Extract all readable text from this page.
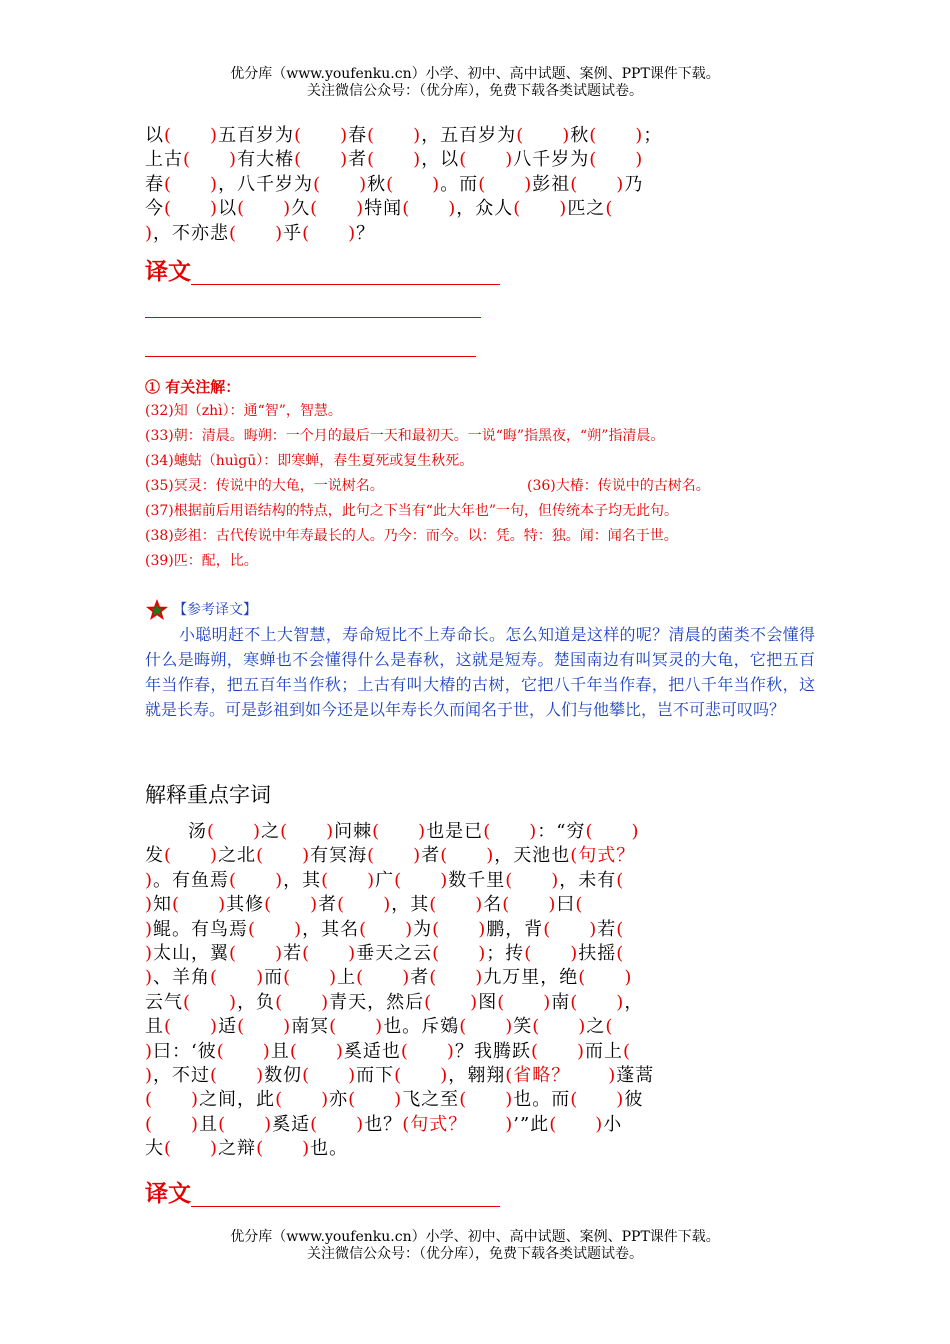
优分库（www.youfenku.cn）小学、初中、高中试题、案例、PPT课件下载。
关注微信公众号：（优分库），免费下载各类试题试卷。
以(　　 )五百岁为(　　 )春(　　 )，五百岁为(　　 )秋(　　 )；
上古(　　 )有大椿(　　 )者(　　 )，以(　　 )八千岁为(　　 )
春(　　 )，八千岁为(　　 )秋(　　 )。而(　　 )彭祖(　　 )乃
今(　　 )以(　　 )久(　　 )特闻(　　 )，众人(　　 )匹之(
)，不亦悲(　　 )乎(　　 )？
译文
① 有关注解：
(32)知（zhì）：通“智”，智慧。
(33)朝：清晨。晦朔：一个月的最后一天和最初天。一说“晦”指黑夜，“朔”指清晨。
(34)蟪蛄（huìgū）：即寒蝉，春生夏死或复生秋死。
(35)冥灵：传说中的大龟，一说树名。	(36)大椿：传说中的古树名。
(37)根据前后用语结构的特点，此句之下当有“此大年也”一句，但传统本子均无此句。
(38)彭祖：古代传说中年寿最长的人。乃今：而今。以：凭。特：独。闻：闻名于世。
(39)匹：配，比。
【参考译文】
小聪明赶不上大智慧，寿命短比不上寿命长。怎么知道是这样的呢？清晨的菌类不会懂得什么是晦朔，寒蝉也不会懂得什么是春秋，这就是短寿。楚国南边有叫冥灵的大龟，它把五百年当作春，把五百年当作秋；上古有叫大椿的古树，它把八千年当作春，把八千年当作秋，这就是长寿。可是彭祖到如今还是以年寿长久而闻名于世，人们与他攀比，岂不可悲可叹吗？
解释重点字词
汤(　　 )之(　　 )问棘(　　 )也是已(　　 )：“穷(　　 )
发(　　 )之北(　　 )有冥海(　　 )者(　　 )，天池也(句式？
)。有鱼焉(　　 )，其(　　 )广(　　 )数千里(　　 )，未有(
)知(　　 )其修(　　 )者(　　 )，其(　　 )名(　　 )曰(
)鲲。有鸟焉(　　 )，其名(　　 )为(　　 )鹏，背(　　 )若(
)太山，翼(　　 )若(　　 )垂天之云(　　 )；抟(　　 )扶摇(
)、羊角(　　 )而(　　 )上(　　 )者(　　 )九万里，绝(　　 )
云气(　　 )，负(　　 )青天，然后(　　 )图(　　 )南(　　 )，
且(　　 )适(　　 )南冥(　　 )也。斥鴳(　　 )笑(　　 )之(
)曰：‘彼(　　 )且(　　 )奚适也(　　 )？我腾跃(　　 )而上(
)，不过(　　 )数仞(　　 )而下(　　 )，翱翔(省略？　　 )蓬蒿
(　　 )之间，此(　　 )亦(　　 )飞之至(　　 )也。而(　　 )彼
(　　 )且(　　 )奚适(　　 )也？(句式？　　 )’”此(　　 )小
大(　　 )之辩(　　 )也。
译文
优分库（www.youfenku.cn）小学、初中、高中试题、案例、PPT课件下载。
关注微信公众号：（优分库），免费下载各类试题试卷。
